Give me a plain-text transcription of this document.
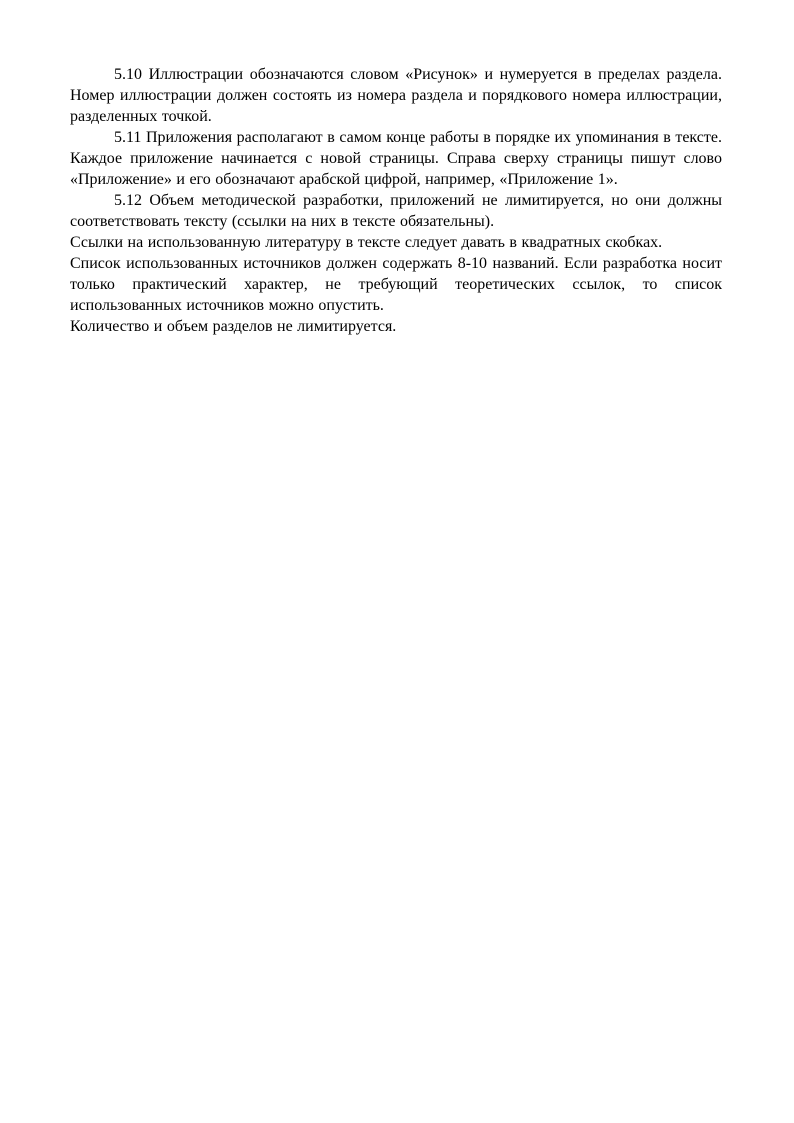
5.10 Иллюстрации обозначаются словом «Рисунок» и нумеруется в пределах раздела. Номер иллюстрации должен состоять из номера раздела и порядкового номера иллюстрации, разделенных точкой.

5.11 Приложения располагают в самом конце работы в порядке их упоминания в тексте. Каждое приложение начинается с новой страницы. Справа сверху страницы пишут слово «Приложение» и его обозначают арабской цифрой, например, «Приложение 1».

5.12 Объем методической разработки, приложений не лимитируется, но они должны соответствовать тексту (ссылки на них в тексте обязательны).

Ссылки на использованную литературу в тексте следует давать в квадратных скобках.

Список использованных источников должен содержать 8-10 названий. Если разработка носит только практический характер, не требующий теоретических ссылок, то список использованных источников можно опустить.

Количество и объем разделов не лимитируется.
